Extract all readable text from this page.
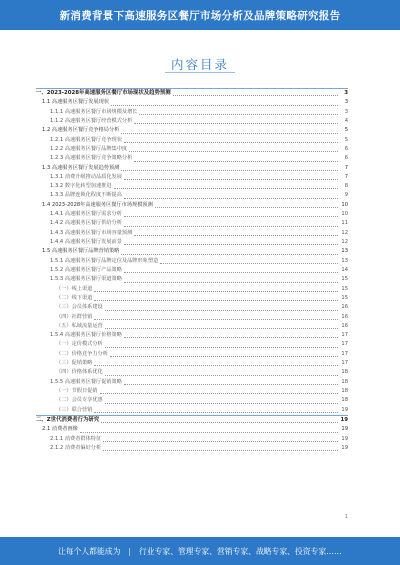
新消费背景下高速服务区餐厅市场分析及品牌策略研究报告
内容目录
一、2023-2028年高速服务区餐厅市场现状及趋势预测	3
1.1 高速服务区餐厅发展现状	3
1.1.1 高速服务区餐厅市场规模及增长	3
1.1.2 高速服务区餐厅经营模式分析	4
1.2 高速服务区餐厅竞争格局分析	5
1.2.1 高速服务区餐厅竞争现状	5
1.2.2 高速服务区餐厅品牌集中度	6
1.2.3 高速服务区餐厅竞争策略分析	6
1.3 高速服务区餐厅发展趋势预测	7
1.3.1 消费升级推动品质化发展	7
1.3.2 数字化转型加速推进	8
1.3.3 品牌连锁化程度不断提高	9
1.4 2023-2028年高速服务区餐厅市场规模预测	10
1.4.1 高速服务区餐厅需求分析	10
1.4.2 高速服务区餐厅供给分析	11
1.4.3 高速服务区餐厅市场容量预测	12
1.4.4 高速服务区餐厅发展前景	12
1.5 高速服务区餐厅品牌营销策略	13
1.5.1 高速服务区餐厅品牌定位及品牌形象塑造	13
1.5.2 高速服务区餐厅产品策略	14
1.5.3 高速服务区餐厅渠道策略	15
（一）线上渠道	15
（二）线下渠道	15
（三）会员体系建设	16
（四）社群营销	16
（五）私域流量运营	16
1.5.4 高速服务区餐厅价格策略	17
（一）定价模式分析	17
（二）价格竞争力分析	17
（三）促销策略	17
（四）价格体系优化	18
1.5.5 高速服务区餐厅促销策略	18
（一）节假日促销	18
（二）会员专享优惠	18
（三）联合营销	19
二、Z世代消费者行为研究	19
2.1 消费者画像	19
2.1.1 消费者群体特征	19
2.1.2 消费者偏好分析	19
1
让每个人都能成为 | 行业专家、管理专家、营销专家、战略专家、投资专家……
